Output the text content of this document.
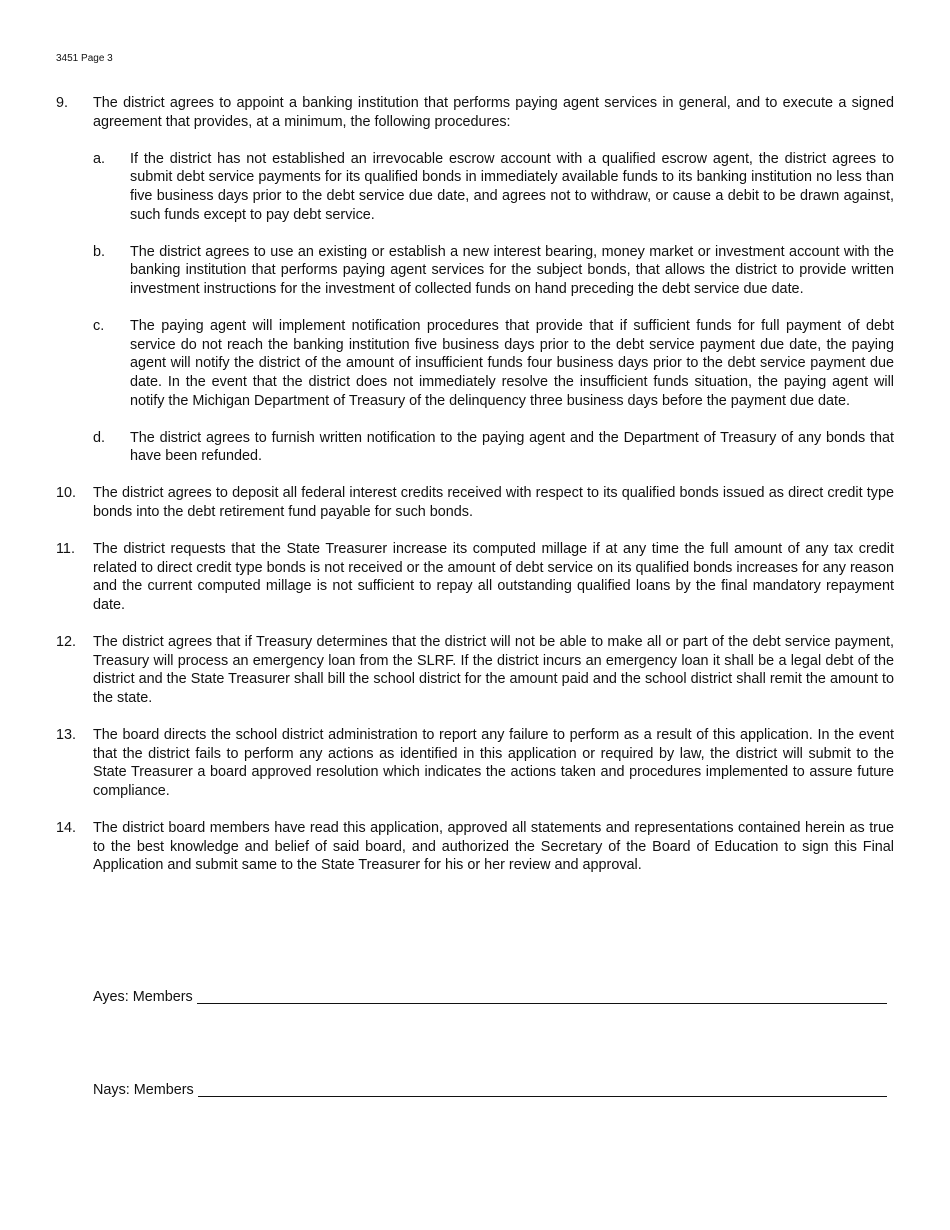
3451 Page 3
9.	The district agrees to appoint a banking institution that performs paying agent services in general, and to execute a signed agreement that provides, at a minimum, the following procedures:
a.	If the district has not established an irrevocable escrow account with a qualified escrow agent, the district agrees to submit debt service payments for its qualified bonds in immediately available funds to its banking institution no less than five business days prior to the debt service due date, and agrees not to withdraw, or cause a debit to be drawn against, such funds except to pay debt service.
b.	The district agrees to use an existing or establish a new interest bearing, money market or investment account with the banking institution that performs paying agent services for the subject bonds, that allows the district to provide written investment instructions for the investment of collected funds on hand preceding the debt service due date.
c.	The paying agent will implement notification procedures that provide that if sufficient funds for full payment of debt service do not reach the banking institution five business days prior to the debt service payment due date, the paying agent will notify the district of the amount of insufficient funds four business days prior to the debt service payment due date. In the event that the district does not immediately resolve the insufficient funds situation, the paying agent will notify the Michigan Department of Treasury of the delinquency three business days before the payment due date.
d.	The district agrees to furnish written notification to the paying agent and the Department of Treasury of any bonds that have been refunded.
10.	The district agrees to deposit all federal interest credits received with respect to its qualified bonds issued as direct credit type bonds into the debt retirement fund payable for such bonds.
11.	The district requests that the State Treasurer increase its computed millage if at any time the full amount of any tax credit related to direct credit type bonds is not received or the amount of debt service on its qualified bonds increases for any reason and the current computed millage is not sufficient to repay all outstanding qualified loans by the final mandatory repayment date.
12.	The district agrees that if Treasury determines that the district will not be able to make all or part of the debt service payment, Treasury will process an emergency loan from the SLRF. If the district incurs an emergency loan it shall be a legal debt of the district and the State Treasurer shall bill the school district for the amount paid and the school district shall remit the amount to the state.
13.	The board directs the school district administration to report any failure to perform as a result of this application. In the event that the district fails to perform any actions as identified in this application or required by law, the district will submit to the State Treasurer a board approved resolution which indicates the actions taken and procedures implemented to assure future compliance.
14.	The district board members have read this application, approved all statements and representations contained herein as true to the best knowledge and belief of said board, and authorized the Secretary of the Board of Education to sign this Final Application and submit same to the State Treasurer for his or her review and approval.
Ayes: Members
Nays: Members
